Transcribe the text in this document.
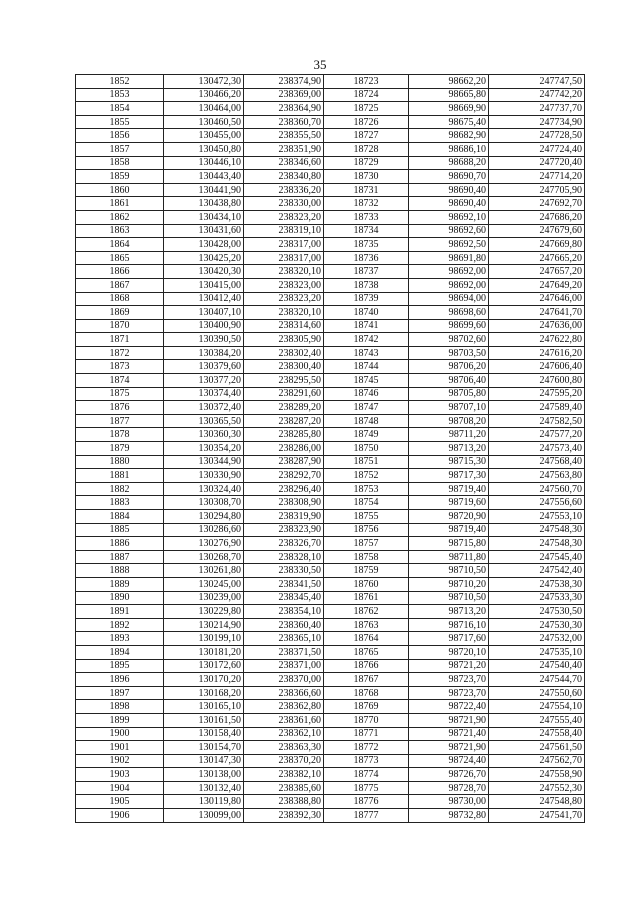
35
1852	130472,30	238374,90	18723	98662,20	247747,50
1853	130466,20	238369,00	18724	98665,80	247742,20
1854	130464,00	238364,90	18725	98669,90	247737,70
1855	130460,50	238360,70	18726	98675,40	247734,90
1856	130455,00	238355,50	18727	98682,90	247728,50
1857	130450,80	238351,90	18728	98686,10	247724,40
1858	130446,10	238346,60	18729	98688,20	247720,40
1859	130443,40	238340,80	18730	98690,70	247714,20
1860	130441,90	238336,20	18731	98690,40	247705,90
1861	130438,80	238330,00	18732	98690,40	247692,70
1862	130434,10	238323,20	18733	98692,10	247686,20
1863	130431,60	238319,10	18734	98692,60	247679,60
1864	130428,00	238317,00	18735	98692,50	247669,80
1865	130425,20	238317,00	18736	98691,80	247665,20
1866	130420,30	238320,10	18737	98692,00	247657,20
1867	130415,00	238323,00	18738	98692,00	247649,20
1868	130412,40	238323,20	18739	98694,00	247646,00
1869	130407,10	238320,10	18740	98698,60	247641,70
1870	130400,90	238314,60	18741	98699,60	247636,00
1871	130390,50	238305,90	18742	98702,60	247622,80
1872	130384,20	238302,40	18743	98703,50	247616,20
1873	130379,60	238300,40	18744	98706,20	247606,40
1874	130377,20	238295,50	18745	98706,40	247600,80
1875	130374,40	238291,60	18746	98705,80	247595,20
1876	130372,40	238289,20	18747	98707,10	247589,40
1877	130365,50	238287,20	18748	98708,20	247582,50
1878	130360,30	238285,80	18749	98711,20	247577,20
1879	130354,20	238286,00	18750	98713,20	247573,40
1880	130344,90	238287,90	18751	98715,30	247568,40
1881	130330,90	238292,70	18752	98717,30	247563,80
1882	130324,40	238296,40	18753	98719,40	247560,70
1883	130308,70	238308,90	18754	98719,60	247556,60
1884	130294,80	238319,90	18755	98720,90	247553,10
1885	130286,60	238323,90	18756	98719,40	247548,30
1886	130276,90	238326,70	18757	98715,80	247548,30
1887	130268,70	238328,10	18758	98711,80	247545,40
1888	130261,80	238330,50	18759	98710,50	247542,40
1889	130245,00	238341,50	18760	98710,20	247538,30
1890	130239,00	238345,40	18761	98710,50	247533,30
1891	130229,80	238354,10	18762	98713,20	247530,50
1892	130214,90	238360,40	18763	98716,10	247530,30
1893	130199,10	238365,10	18764	98717,60	247532,00
1894	130181,20	238371,50	18765	98720,10	247535,10
1895	130172,60	238371,00	18766	98721,20	247540,40
1896	130170,20	238370,00	18767	98723,70	247544,70
1897	130168,20	238366,60	18768	98723,70	247550,60
1898	130165,10	238362,80	18769	98722,40	247554,10
1899	130161,50	238361,60	18770	98721,90	247555,40
1900	130158,40	238362,10	18771	98721,40	247558,40
1901	130154,70	238363,30	18772	98721,90	247561,50
1902	130147,30	238370,20	18773	98724,40	247562,70
1903	130138,00	238382,10	18774	98726,70	247558,90
1904	130132,40	238385,60	18775	98728,70	247552,30
1905	130119,80	238388,80	18776	98730,00	247548,80
1906	130099,00	238392,30	18777	98732,80	247541,70
